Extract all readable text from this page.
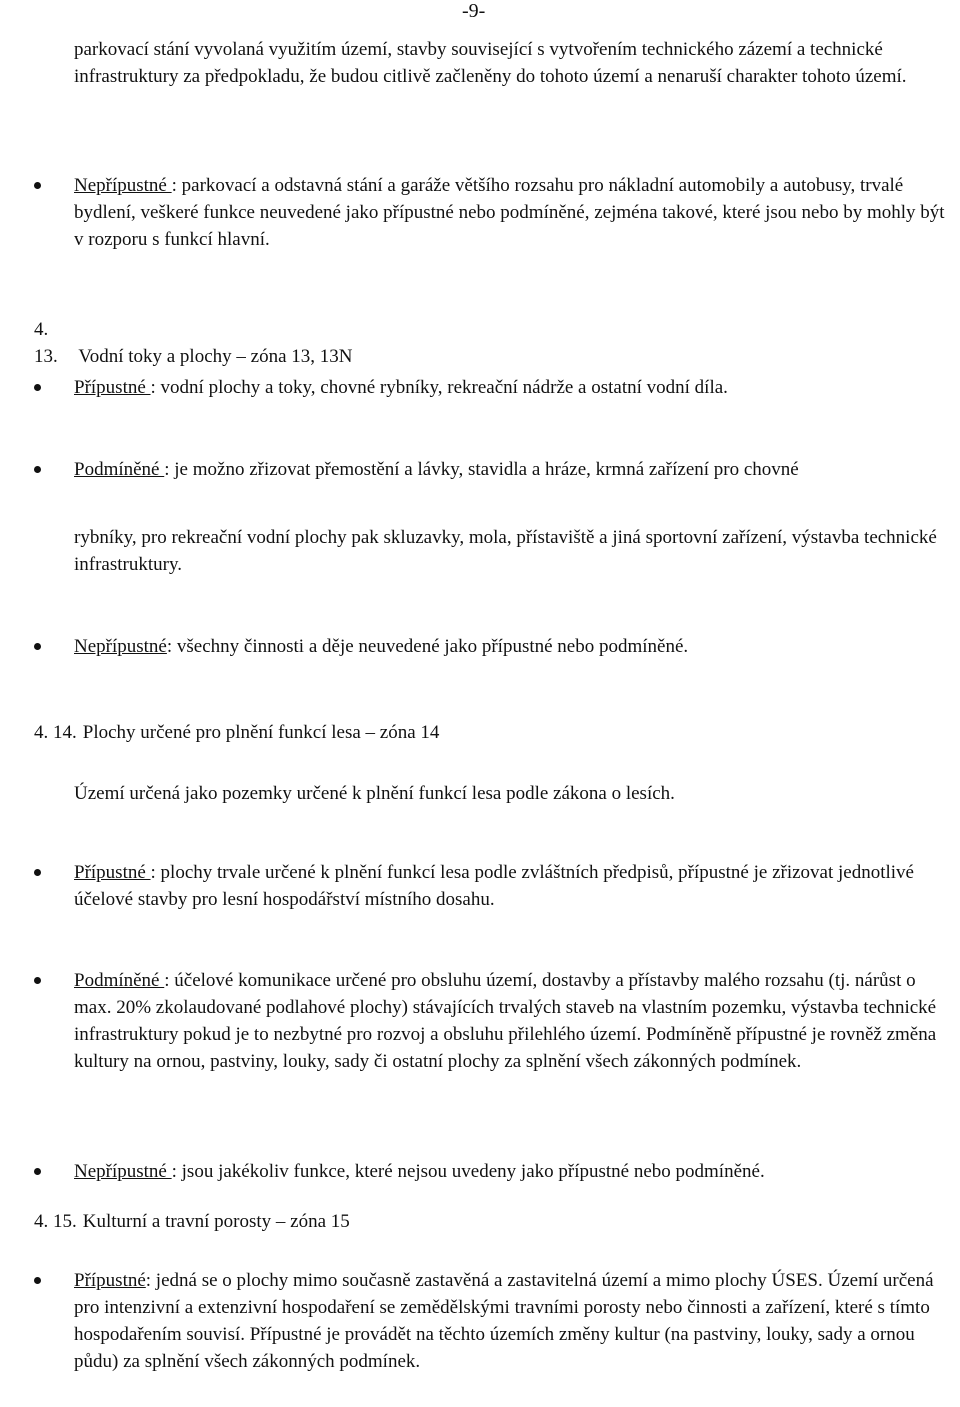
-9-
parkovací stání vyvolaná využitím území, stavby související s vytvořením technického zázemí a technické infrastruktury za předpokladu, že budou citlivě začleněny do tohoto území a nenaruší charakter tohoto území.
Nepřípustné : parkovací a odstavná stání a garáže většího rozsahu pro nákladní automobily a autobusy, trvalé bydlení, veškeré funkce neuvedené jako přípustné nebo podmíněné, zejména takové, které jsou nebo by mohly být v rozporu s funkcí hlavní.
4. 13. Vodní toky a plochy – zóna 13, 13N
Přípustné : vodní plochy a toky, chovné rybníky, rekreační nádrže a ostatní vodní díla.
Podmíněné : je možno zřizovat přemostění a lávky, stavidla a hráze, krmná zařízení pro chovné
rybníky, pro rekreační vodní plochy pak skluzavky, mola, přístaviště a jiná sportovní zařízení, výstavba technické infrastruktury.
Nepřípustné: všechny činnosti a děje neuvedené jako přípustné nebo podmíněné.
4. 14. Plochy určené pro plnění funkcí lesa – zóna 14
Území určená jako pozemky určené k plnění funkcí lesa podle zákona o lesích.
Přípustné : plochy trvale určené k plnění funkcí lesa podle zvláštních předpisů, přípustné je zřizovat jednotlivé účelové stavby pro lesní hospodářství místního dosahu.
Podmíněné : účelové komunikace určené pro obsluhu území, dostavby a přístavby malého rozsahu (tj. nárůst o max. 20% zkolaudované podlahové plochy) stávajících trvalých staveb na vlastním pozemku, výstavba technické infrastruktury pokud je to nezbytné pro rozvoj a obsluhu přilehlého území. Podmíněně přípustné je rovněž změna kultury na ornou, pastviny, louky, sady či ostatní plochy za splnění všech zákonných podmínek.
Nepřípustné : jsou jakékoliv funkce, které nejsou uvedeny jako přípustné nebo podmíněné.
4. 15. Kulturní a travní porosty – zóna 15
Přípustné: jedná se o plochy mimo současně zastavěná a zastavitelná území a mimo plochy ÚSES. Území určená pro intenzivní a extenzivní hospodaření se zemědělskými travními porosty nebo činnosti a zařízení, které s tímto hospodařením souvisí. Přípustné je provádět na těchto územích změny kultur (na pastviny, louky, sady a ornou půdu) za splnění všech zákonných podmínek.
